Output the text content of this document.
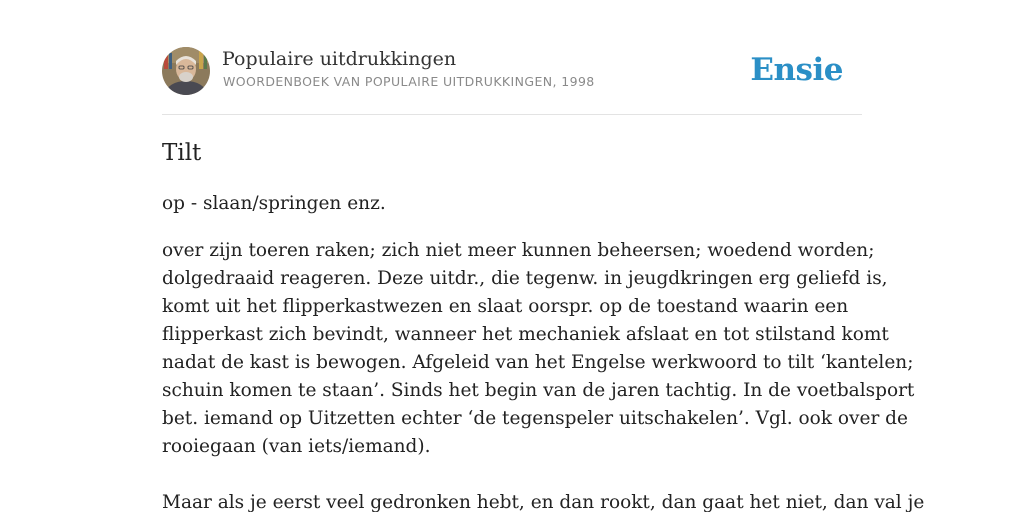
Populaire uitdrukkingen
WOORDENBOEK VAN POPULAIRE UITDRUKKINGEN, 1998	Ensie
Tilt

op - slaan/springen enz.

over zijn toeren raken; zich niet meer kunnen beheersen; woedend worden;
dolgedraaid reageren. Deze uitdr., die tegenw. in jeugdkringen erg geliefd is,
komt uit het flipperkastwezen en slaat oorspr. op de toestand waarin een
flipperkast zich bevindt, wanneer het mechaniek afslaat en tot stilstand komt
nadat de kast is bewogen. Afgeleid van het Engelse werkwoord to tilt ‘kantelen;
schuin komen te staan’. Sinds het begin van de jaren tachtig. In de voetbalsport
bet. iemand op Uitzetten echter ‘de tegenspeler uitschakelen’. Vgl. ook over de
rooiegaan (van iets/iemand).
Maar als je eerst veel gedronken hebt, en dan rookt, dan gaat het niet, dan val je
